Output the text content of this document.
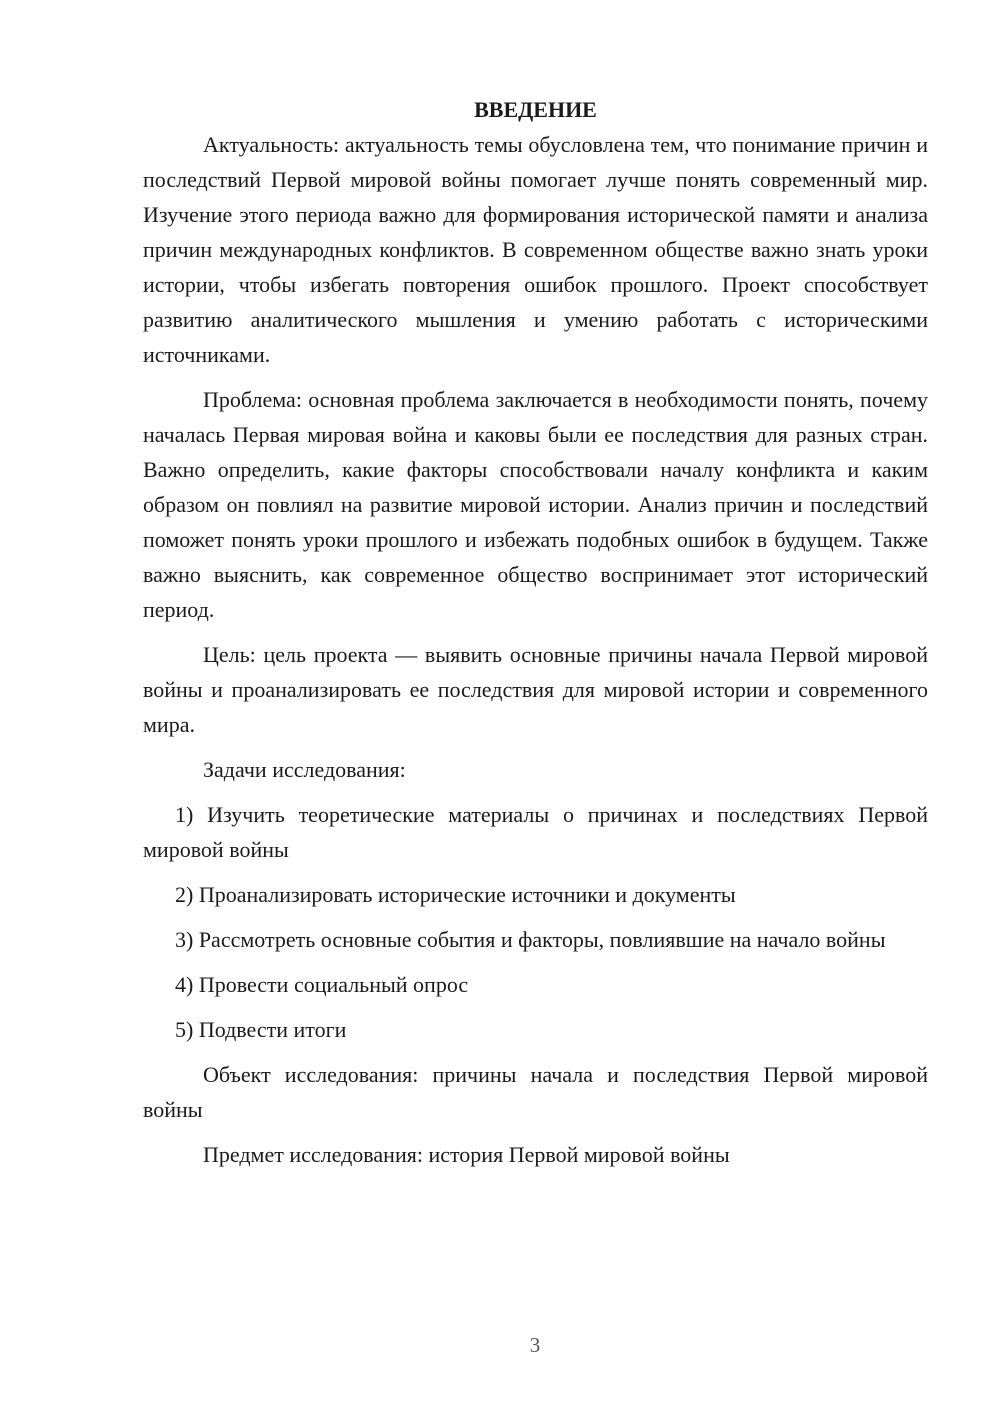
ВВЕДЕНИЕ

Актуальность: актуальность темы обусловлена тем, что понимание причин и последствий Первой мировой войны помогает лучше понять современный мир. Изучение этого периода важно для формирования исторической памяти и анализа причин международных конфликтов. В современном обществе важно знать уроки истории, чтобы избегать повторения ошибок прошлого. Проект способствует развитию аналитического мышления и умению работать с историческими источниками.

Проблема: основная проблема заключается в необходимости понять, почему началась Первая мировая война и каковы были ее последствия для разных стран. Важно определить, какие факторы способствовали началу конфликта и каким образом он повлиял на развитие мировой истории. Анализ причин и последствий поможет понять уроки прошлого и избежать подобных ошибок в будущем. Также важно выяснить, как современное общество воспринимает этот исторический период.

Цель: цель проекта — выявить основные причины начала Первой мировой войны и проанализировать ее последствия для мировой истории и современного мира.

Задачи исследования:

1) Изучить теоретические материалы о причинах и последствиях Первой мировой войны

2) Проанализировать исторические источники и документы

3) Рассмотреть основные события и факторы, повлиявшие на начало войны

4) Провести социальный опрос

5) Подвести итоги

Объект исследования: причины начала и последствия Первой мировой войны

Предмет исследования: история Первой мировой войны

3
